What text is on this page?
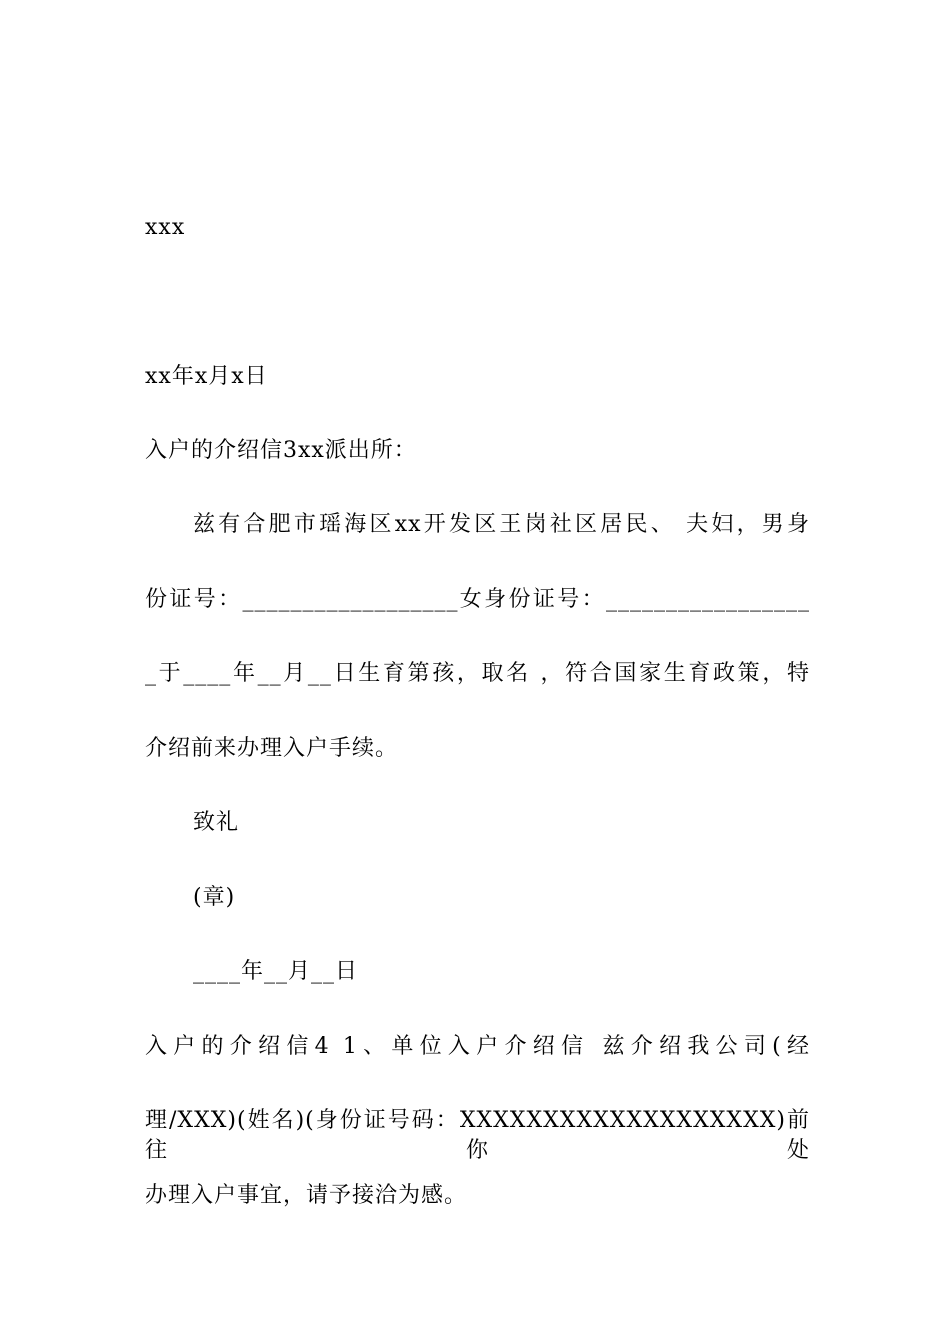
xxx
xx年x月x日
入户的介绍信3xx派出所：
兹有合肥市瑶海区xx开发区王岗社区居民、 夫妇，男身
份证号：__________________女身份证号：_________________
_于____年__月__日生育第孩，取名 ，符合国家生育政策，特
介绍前来办理入户手续。
致礼
(章)
____年__月__日
入户的介绍信4 1、单位入户介绍信 兹介绍我公司(经
理/XXX)(姓名)(身份证号码：XXXXXXXXXXXXXXXXXXX)前往你处
办理入户事宜，请予接洽为感。
